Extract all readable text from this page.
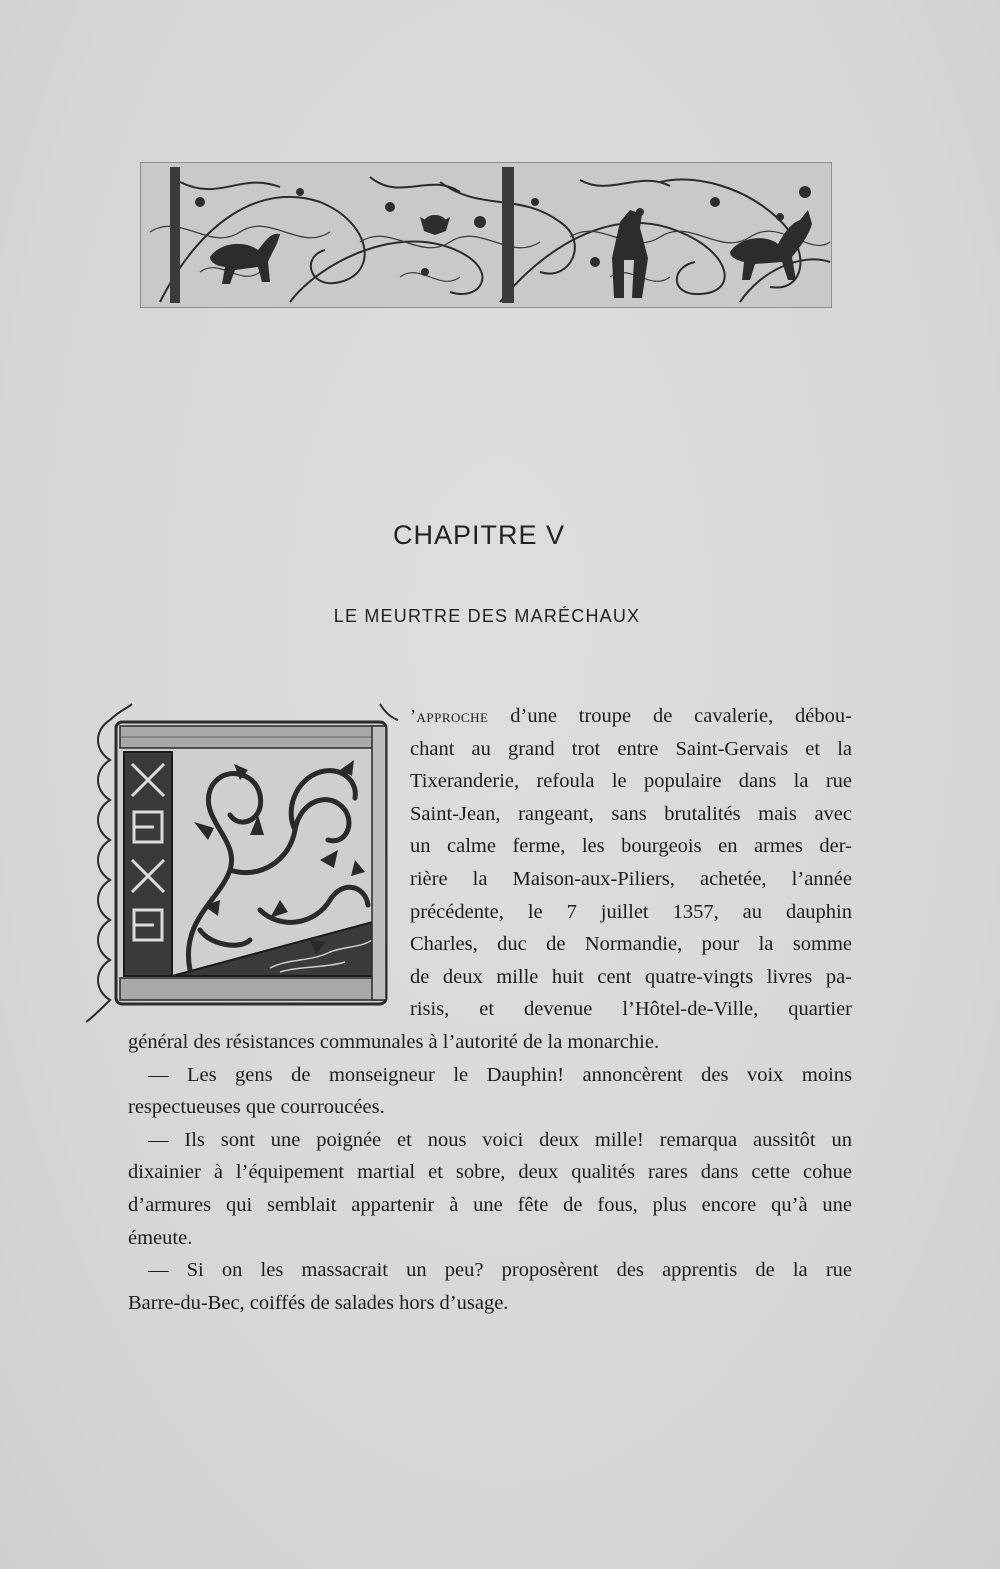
CHAPITRE V
LE MEURTRE DES MARÉCHAUX
’approche d’une troupe de cavalerie, débou-
chant au grand trot entre Saint-Gervais et la
Tixeranderie, refoula le populaire dans la rue
Saint-Jean, rangeant, sans brutalités mais avec
un calme ferme, les bourgeois en armes der-
rière la Maison-aux-Piliers, achetée, l’année
précédente, le 7 juillet 1357, au dauphin
Charles, duc de Normandie, pour la somme
de deux mille huit cent quatre-vingts livres pa-
risis, et devenue l’Hôtel-de-Ville, quartier
général des résistances communales à l’autorité de la monarchie.
— Les gens de monseigneur le Dauphin! annoncèrent des voix moins
respectueuses que courroucées.
— Ils sont une poignée et nous voici deux mille! remarqua aussitôt un
dixainier à l’équipement martial et sobre, deux qualités rares dans cette cohue
d’armures qui semblait appartenir à une fête de fous, plus encore qu’à une
émeute.
— Si on les massacrait un peu? proposèrent des apprentis de la rue
Barre-du-Bec, coiffés de salades hors d’usage.
